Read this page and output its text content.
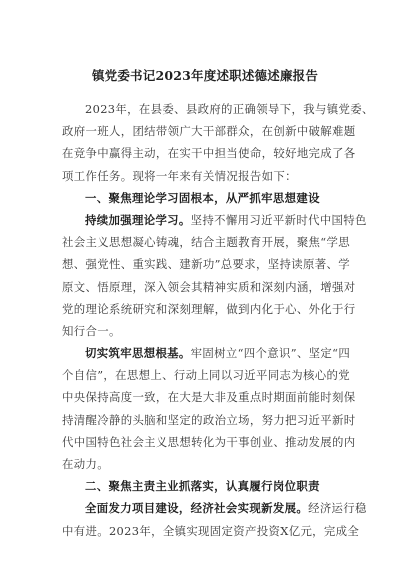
镇党委书记2023年度述职述德述廉报告
2023年，在县委、县政府的正确领导下，我与镇党委、
政府一班人，团结带领广大干部群众，在创新中破解难题
在竞争中赢得主动，在实干中担当使命，较好地完成了各
项工作任务。现将一年来有关情况报告如下：
一、聚焦理论学习固根本，从严抓牢思想建设
持续加强理论学习。坚持不懈用习近平新时代中国特色
社会主义思想凝心铸魂，结合主题教育开展，聚焦“学思
想、强党性、重实践、建新功”总要求，坚持读原著、学
原文、悟原理，深入领会其精神实质和深刻内涵，增强对
党的理论系统研究和深刻理解，做到内化于心、外化于行
知行合一。
切实筑牢思想根基。牢固树立“四个意识”、坚定“四
个自信”，在思想上、行动上同以习近平同志为核心的党
中央保持高度一致，在大是大非及重点时期面前能时刻保
持清醒冷静的头脑和坚定的政治立场，努力把习近平新时
代中国特色社会主义思想转化为干事创业、推动发展的内
在动力。
二、聚焦主责主业抓落实，认真履行岗位职责
全面发力项目建设，经济社会实现新发展。经济运行稳
中有进。2023年，全镇实现固定资产投资X亿元，完成全
